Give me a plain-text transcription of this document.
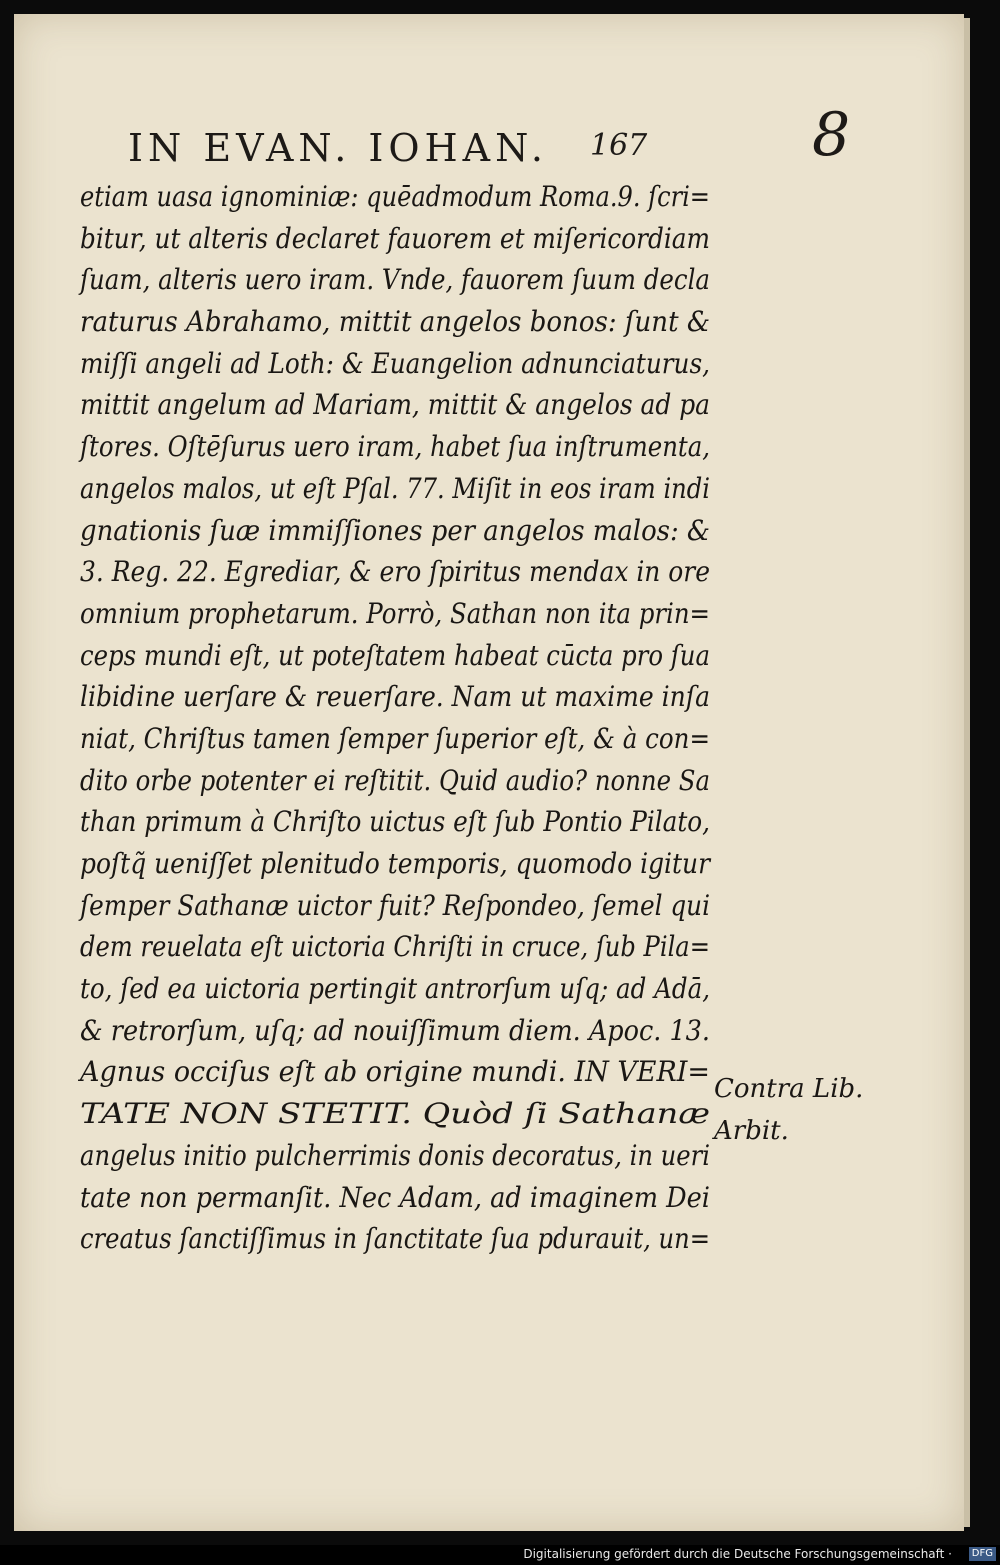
IN EVAN. IOHAN. 167	8
etiam uasa ignominiæ: quēadmodum Roma.9. ſcri=
bitur, ut alteris declaret fauorem et miſericordiam
ſuam, alteris uero iram. Vnde, fauorem ſuum decla
raturus Abrahamo, mittit angelos bonos: ſunt &
miſſi angeli ad Loth: & Euangelion adnunciaturus,
mittit angelum ad Mariam, mittit & angelos ad pa
ſtores. Oſtēſurus uero iram, habet ſua inſtrumenta,
angelos malos, ut eſt Pſal. 77. Miſit in eos iram indi
gnationis ſuæ immiſſiones per angelos malos: &
3. Reg. 22. Egrediar, & ero ſpiritus mendax in ore
omnium prophetarum. Porrò, Sathan non ita prin=
ceps mundi eſt, ut poteſtatem habeat cūcta pro ſua
libidine uerſare & reuerſare. Nam ut maxime inſa
niat, Chriſtus tamen ſemper ſuperior eſt, & à con=
dito orbe potenter ei reſtitit. Quid audio? nonne Sa
than primum à Chriſto uictus eſt ſub Pontio Pilato,
poſtq̃ ueniſſet plenitudo temporis, quomodo igitur
ſemper Sathanæ uictor fuit? Reſpondeo, ſemel qui
dem reuelata eſt uictoria Chriſti in cruce, ſub Pila=
to, ſed ea uictoria pertingit antrorſum uſq; ad Adā,
& retrorſum, uſq; ad nouiſſimum diem. Apoc. 13.
Agnus occiſus eſt ab origine mundi. IN VERI=
TATE NON STETIT. Quòd ſi Sathanæ
angelus initio pulcherrimis donis decoratus, in ueri
tate non permanſit. Nec Adam, ad imaginem Dei
creatus ſanctiſſimus in ſanctitate ſua pdurauit, un=
Contra Lib.
Arbit.
Digitalisierung gefördert durch die Deutsche Forschungsgemeinschaft ·	DFG
